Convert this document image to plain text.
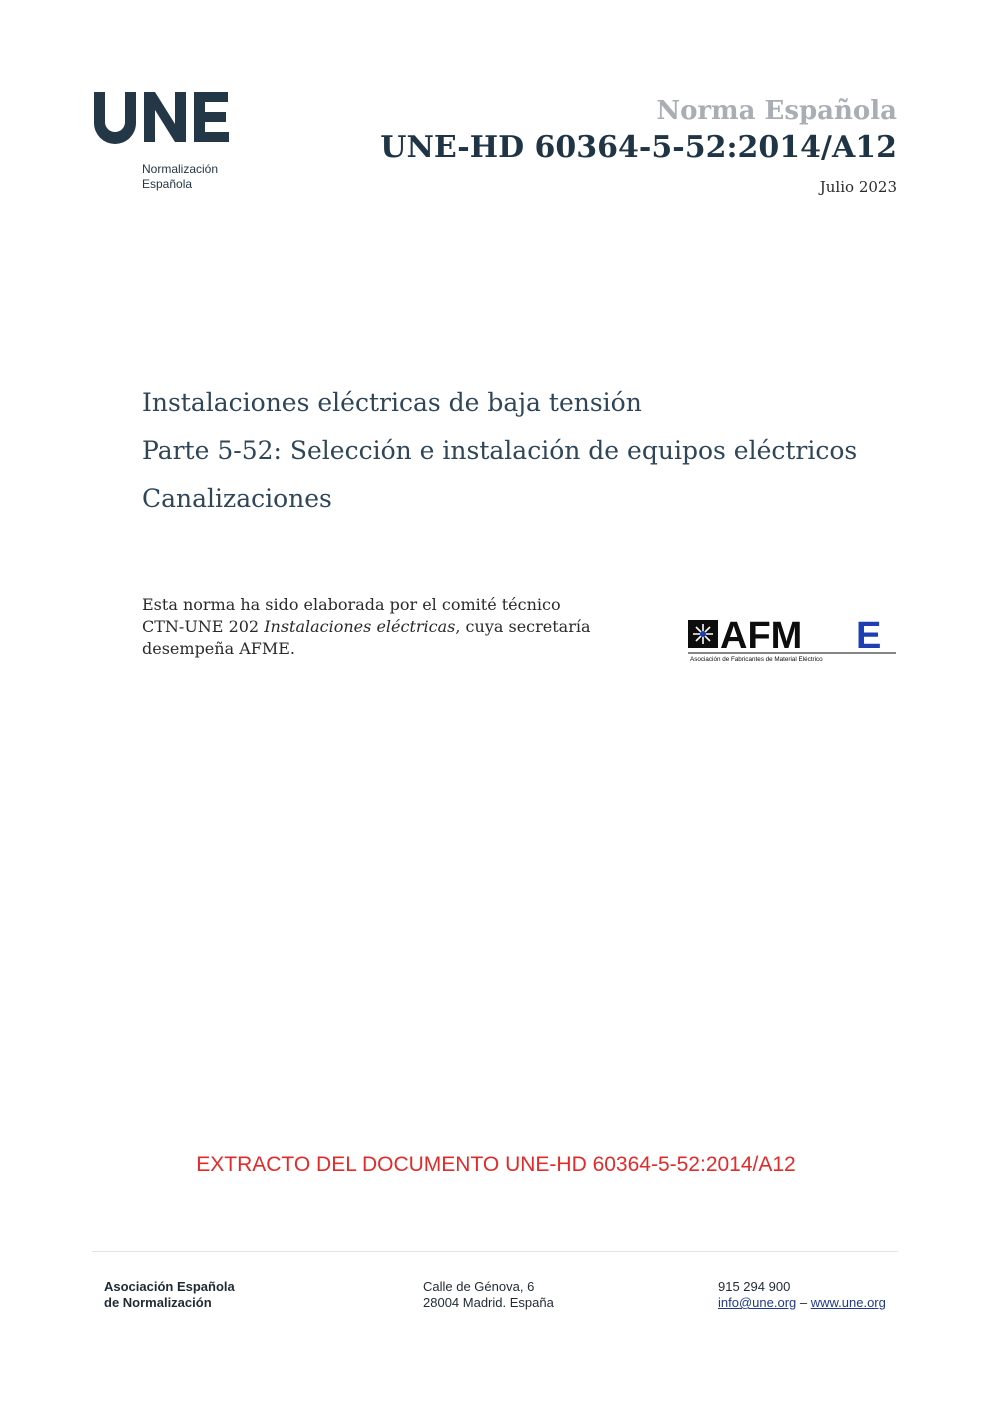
Normalización
Española
Norma Española
UNE-HD 60364-5-52:2014/A12
Julio 2023
Instalaciones eléctricas de baja tensión
Parte 5-52: Selección e instalación de equipos eléctricos
Canalizaciones
Esta norma ha sido elaborada por el comité técnico
CTN-UNE 202 Instalaciones eléctricas, cuya secretaría
desempeña AFME.	AFM E
Asociación de Fabricantes de Material Eléctrico
EXTRACTO DEL DOCUMENTO UNE-HD 60364-5-52:2014/A12
Asociación Española
de Normalización
Calle de Génova, 6
28004 Madrid. España
915 294 900
info@une.org – www.une.org
